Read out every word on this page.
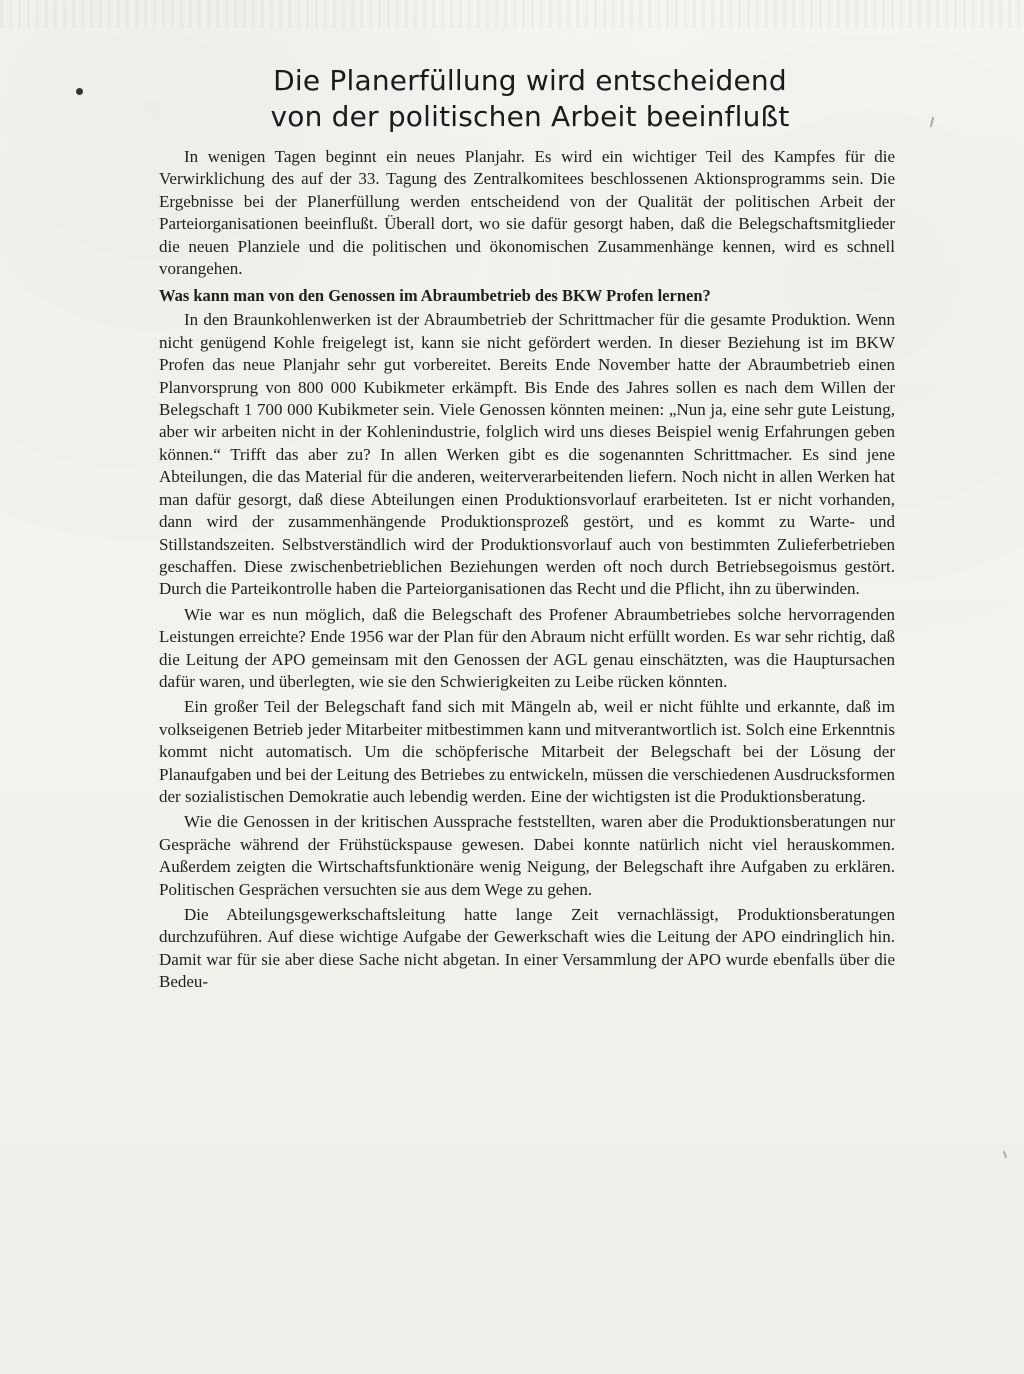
Die Planerfüllung wird entscheidend
von der politischen Arbeit beeinflußt

In wenigen Tagen beginnt ein neues Planjahr. Es wird ein wichtiger Teil des Kampfes für die Verwirklichung des auf der 33. Tagung des Zentralkomitees beschlossenen Aktionsprogramms sein. Die Ergebnisse bei der Planerfüllung werden entscheidend von der Qualität der politischen Arbeit der Parteiorganisationen beeinflußt. Überall dort, wo sie dafür gesorgt haben, daß die Belegschaftsmitglieder die neuen Planziele und die politischen und ökonomischen Zusammenhänge kennen, wird es schnell vorangehen.

Was kann man von den Genossen im Abraumbetrieb des BKW Profen lernen?

In den Braunkohlenwerken ist der Abraumbetrieb der Schrittmacher für die gesamte Produktion. Wenn nicht genügend Kohle freigelegt ist, kann sie nicht gefördert werden. In dieser Beziehung ist im BKW Profen das neue Planjahr sehr gut vorbereitet. Bereits Ende November hatte der Abraumbetrieb einen Planvorsprung von 800 000 Kubikmeter erkämpft. Bis Ende des Jahres sollen es nach dem Willen der Belegschaft 1 700 000 Kubikmeter sein. Viele Genossen könnten meinen: „Nun ja, eine sehr gute Leistung, aber wir arbeiten nicht in der Kohlenindustrie, folglich wird uns dieses Beispiel wenig Erfahrungen geben können.“ Trifft das aber zu? In allen Werken gibt es die sogenannten Schrittmacher. Es sind jene Abteilungen, die das Material für die anderen, weiterverarbeitenden liefern. Noch nicht in allen Werken hat man dafür gesorgt, daß diese Abteilungen einen Produktionsvorlauf erarbeiteten. Ist er nicht vorhanden, dann wird der zusammenhängende Produktionsprozeß gestört, und es kommt zu Warte- und Stillstandszeiten. Selbstverständlich wird der Produktionsvorlauf auch von bestimmten Zulieferbetrieben geschaffen. Diese zwischenbetrieblichen Beziehungen werden oft noch durch Betriebsegoismus gestört. Durch die Parteikontrolle haben die Parteiorganisationen das Recht und die Pflicht, ihn zu überwinden.

Wie war es nun möglich, daß die Belegschaft des Profener Abraumbetriebes solche hervorragenden Leistungen erreichte? Ende 1956 war der Plan für den Abraum nicht erfüllt worden. Es war sehr richtig, daß die Leitung der APO gemeinsam mit den Genossen der AGL genau einschätzten, was die Hauptursachen dafür waren, und überlegten, wie sie den Schwierigkeiten zu Leibe rücken könnten.

Ein großer Teil der Belegschaft fand sich mit Mängeln ab, weil er nicht fühlte und erkannte, daß im volkseigenen Betrieb jeder Mitarbeiter mitbestimmen kann und mitverantwortlich ist. Solch eine Erkenntnis kommt nicht automatisch. Um die schöpferische Mitarbeit der Belegschaft bei der Lösung der Planaufgaben und bei der Leitung des Betriebes zu entwickeln, müssen die verschiedenen Ausdrucksformen der sozialistischen Demokratie auch lebendig werden. Eine der wichtigsten ist die Produktionsberatung.

Wie die Genossen in der kritischen Aussprache feststellten, waren aber die Produktionsberatungen nur Gespräche während der Frühstückspause gewesen. Dabei konnte natürlich nicht viel herauskommen. Außerdem zeigten die Wirtschaftsfunktionäre wenig Neigung, der Belegschaft ihre Aufgaben zu erklären. Politischen Gesprächen versuchten sie aus dem Wege zu gehen.

Die Abteilungsgewerkschaftsleitung hatte lange Zeit vernachlässigt, Produktionsberatungen durchzuführen. Auf diese wichtige Aufgabe der Gewerkschaft wies die Leitung der APO eindringlich hin. Damit war für sie aber diese Sache nicht abgetan. In einer Versammlung der APO wurde ebenfalls über die Bedeu-
